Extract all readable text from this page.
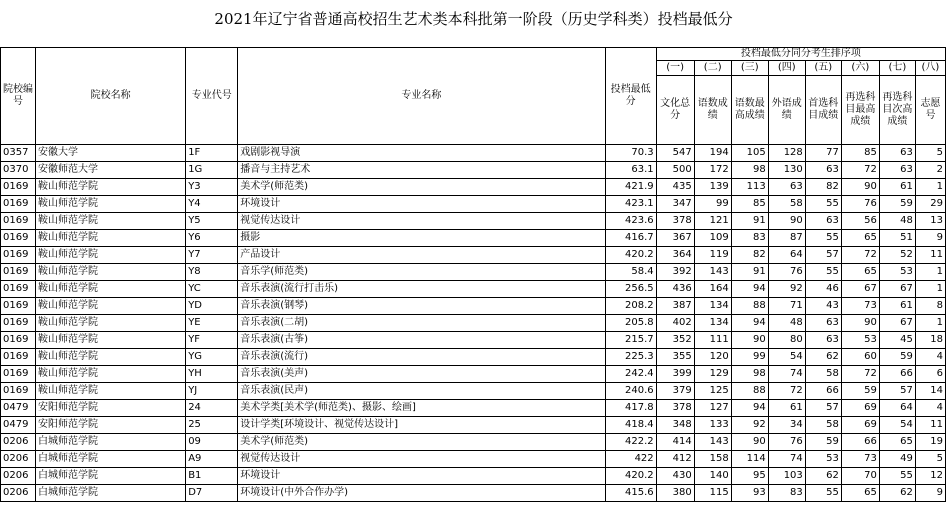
2021年辽宁省普通高校招生艺术类本科批第一阶段（历史学科类）投档最低分
院校编号	院校名称	专业代号	专业名称	投档最低分	投档最低分同分考生排序项							
					(一)	(二)	(三)	(四)	(五)	(六)	(七)	(八)
					文化总分	语数成绩	语数最高成绩	外语成绩	首选科目成绩	再选科目最高成绩	再选科目次高成绩	志愿号
0357	安徽大学	1F	戏剧影视导演	70.3	547	194	105	128	77	85	63	5
0370	安徽师范大学	1G	播音与主持艺术	63.1	500	172	98	130	63	72	63	2
0169	鞍山师范学院	Y3	美术学(师范类)	421.9	435	139	113	63	82	90	61	1
0169	鞍山师范学院	Y4	环境设计	423.1	347	99	85	58	55	76	59	29
0169	鞍山师范学院	Y5	视觉传达设计	423.6	378	121	91	90	63	56	48	13
0169	鞍山师范学院	Y6	摄影	416.7	367	109	83	87	55	65	51	9
0169	鞍山师范学院	Y7	产品设计	420.2	364	119	82	64	57	72	52	11
0169	鞍山师范学院	Y8	音乐学(师范类)	58.4	392	143	91	76	55	65	53	1
0169	鞍山师范学院	YC	音乐表演(流行打击乐)	256.5	436	164	94	92	46	67	67	1
0169	鞍山师范学院	YD	音乐表演(钢琴)	208.2	387	134	88	71	43	73	61	8
0169	鞍山师范学院	YE	音乐表演(二胡)	205.8	402	134	94	48	63	90	67	1
0169	鞍山师范学院	YF	音乐表演(古筝)	215.7	352	111	90	80	63	53	45	18
0169	鞍山师范学院	YG	音乐表演(流行)	225.3	355	120	99	54	62	60	59	4
0169	鞍山师范学院	YH	音乐表演(美声)	242.4	399	129	98	74	58	72	66	6
0169	鞍山师范学院	YJ	音乐表演(民声)	240.6	379	125	88	72	66	59	57	14
0479	安阳师范学院	24	美术学类[美术学(师范类)、摄影、绘画]	417.8	378	127	94	61	57	69	64	4
0479	安阳师范学院	25	设计学类[环境设计、视觉传达设计]	418.4	348	133	92	34	58	69	54	11
0206	白城师范学院	09	美术学(师范类)	422.2	414	143	90	76	59	66	65	19
0206	白城师范学院	A9	视觉传达设计	422	412	158	114	74	53	73	49	5
0206	白城师范学院	B1	环境设计	420.2	430	140	95	103	62	70	55	12
0206	白城师范学院	D7	环境设计(中外合作办学)	415.6	380	115	93	83	55	65	62	9
